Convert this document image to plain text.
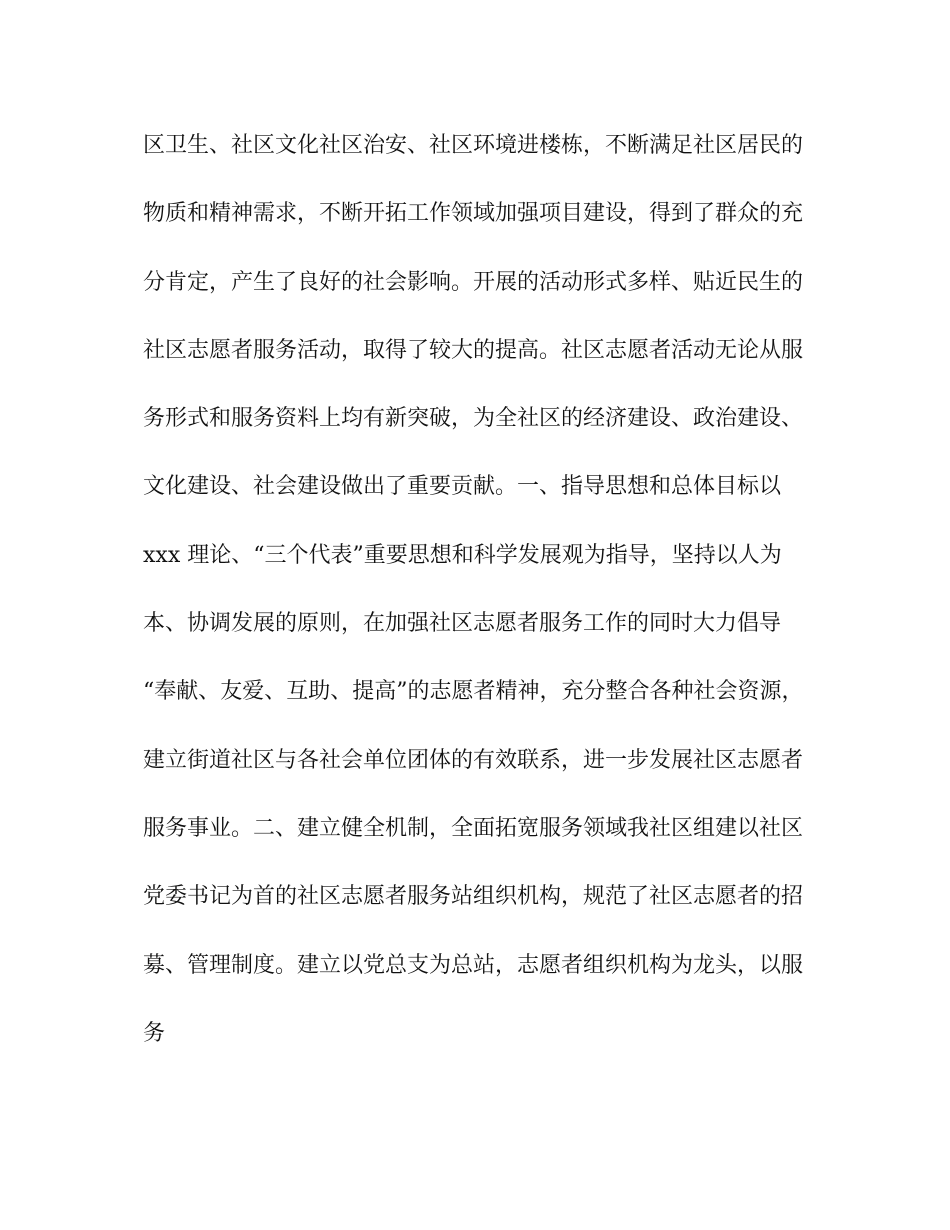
区卫生、社区文化社区治安、社区环境进楼栋，不断满足社区居民的
物质和精神需求，不断开拓工作领域加强项目建设，得到了群众的充
分肯定，产生了良好的社会影响。开展的活动形式多样、贴近民生的
社区志愿者服务活动，取得了较大的提高。社区志愿者活动无论从服
务形式和服务资料上均有新突破，为全社区的经济建设、政治建设、
文化建设、社会建设做出了重要贡献。一、指导思想和总体目标以
xxx 理论、“三个代表”重要思想和科学发展观为指导，坚持以人为
本、协调发展的原则，在加强社区志愿者服务工作的同时大力倡导
“奉献、友爱、互助、提高”的志愿者精神，充分整合各种社会资源，
建立街道社区与各社会单位团体的有效联系，进一步发展社区志愿者
服务事业。二、建立健全机制，全面拓宽服务领域我社区组建以社区
党委书记为首的社区志愿者服务站组织机构，规范了社区志愿者的招
募、管理制度。建立以党总支为总站，志愿者组织机构为龙头，以服
务
